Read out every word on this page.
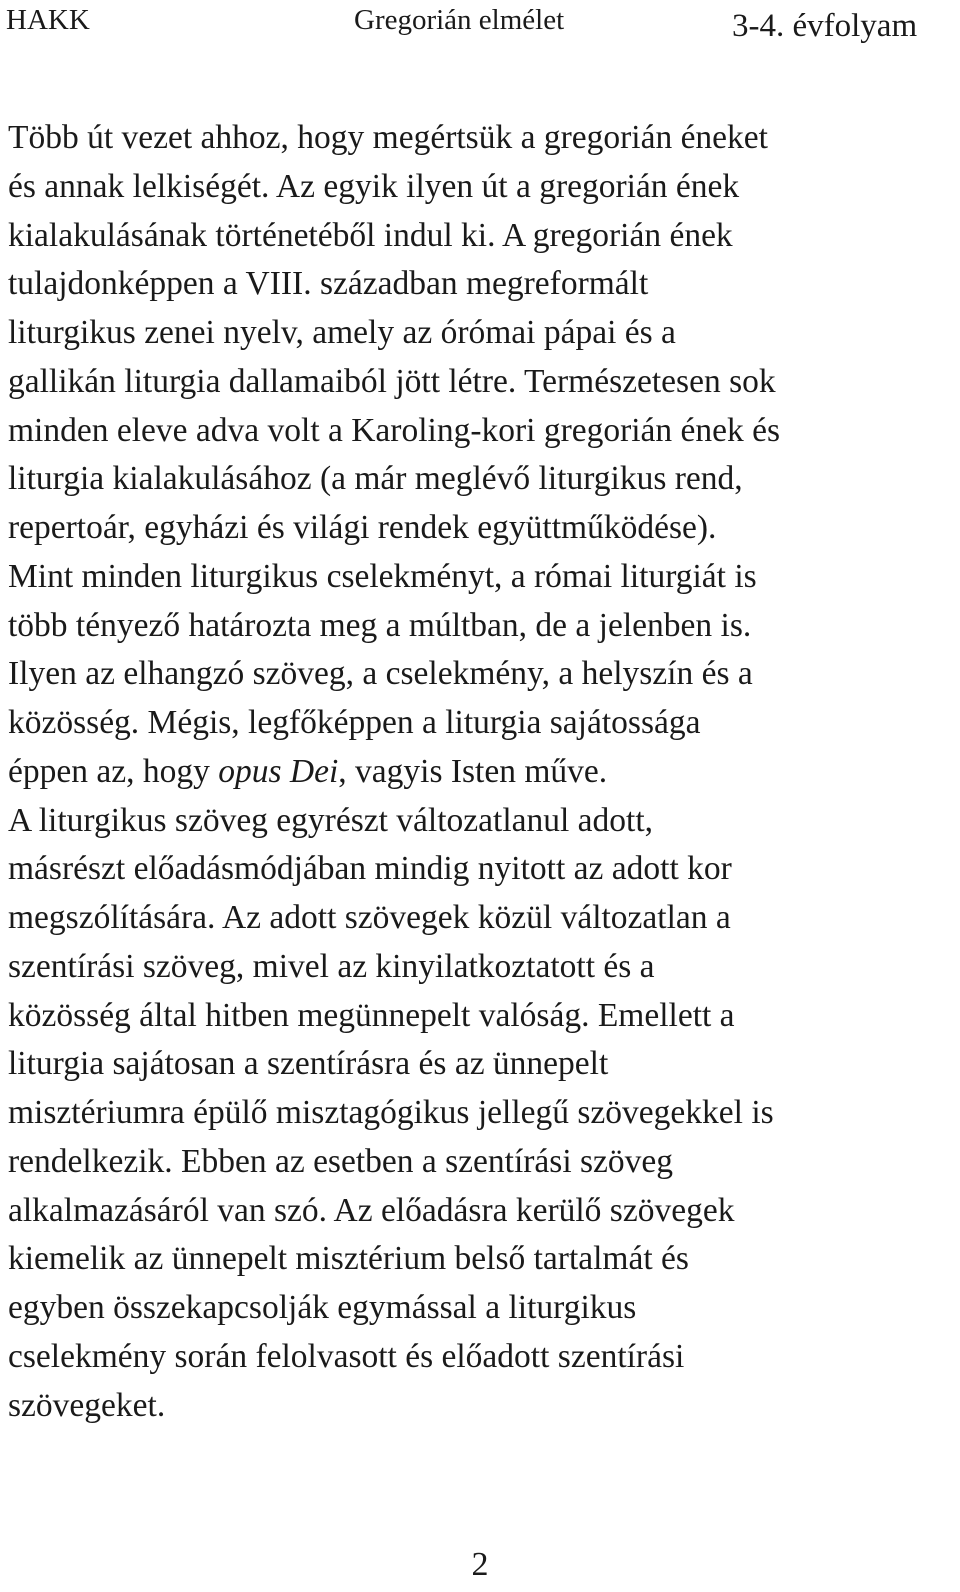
HAKK	Gregorián elmélet	3-4. évfolyam

Több út vezet ahhoz, hogy megértsük a gregorián éneket
és annak lelkiségét. Az egyik ilyen út a gregorián ének
kialakulásának történetéből indul ki. A gregorián ének
tulajdonképpen a VIII. században megreformált
liturgikus zenei nyelv, amely az órómai pápai és a
gallikán liturgia dallamaiból jött létre. Természetesen sok
minden eleve adva volt a Karoling-kori gregorián ének és
liturgia kialakulásához (a már meglévő liturgikus rend,
repertoár, egyházi és világi rendek együttműködése).
Mint minden liturgikus cselekményt, a római liturgiát is
több tényező határozta meg a múltban, de a jelenben is.
Ilyen az elhangzó szöveg, a cselekmény, a helyszín és a
közösség. Mégis, legfőképpen a liturgia sajátossága
éppen az, hogy opus Dei, vagyis Isten műve.
A liturgikus szöveg egyrészt változatlanul adott,
másrészt előadásmódjában mindig nyitott az adott kor
megszólítására. Az adott szövegek közül változatlan a
szentírási szöveg, mivel az kinyilatkoztatott és a
közösség által hitben megünnepelt valóság. Emellett a
liturgia sajátosan a szentírásra és az ünnepelt
misztériumra épülő misztagógikus jellegű szövegekkel is
rendelkezik. Ebben az esetben a szentírási szöveg
alkalmazásáról van szó. Az előadásra kerülő szövegek
kiemelik az ünnepelt misztérium belső tartalmát és
egyben összekapcsolják egymással a liturgikus
cselekmény során felolvasott és előadott szentírási
szövegeket.

2
